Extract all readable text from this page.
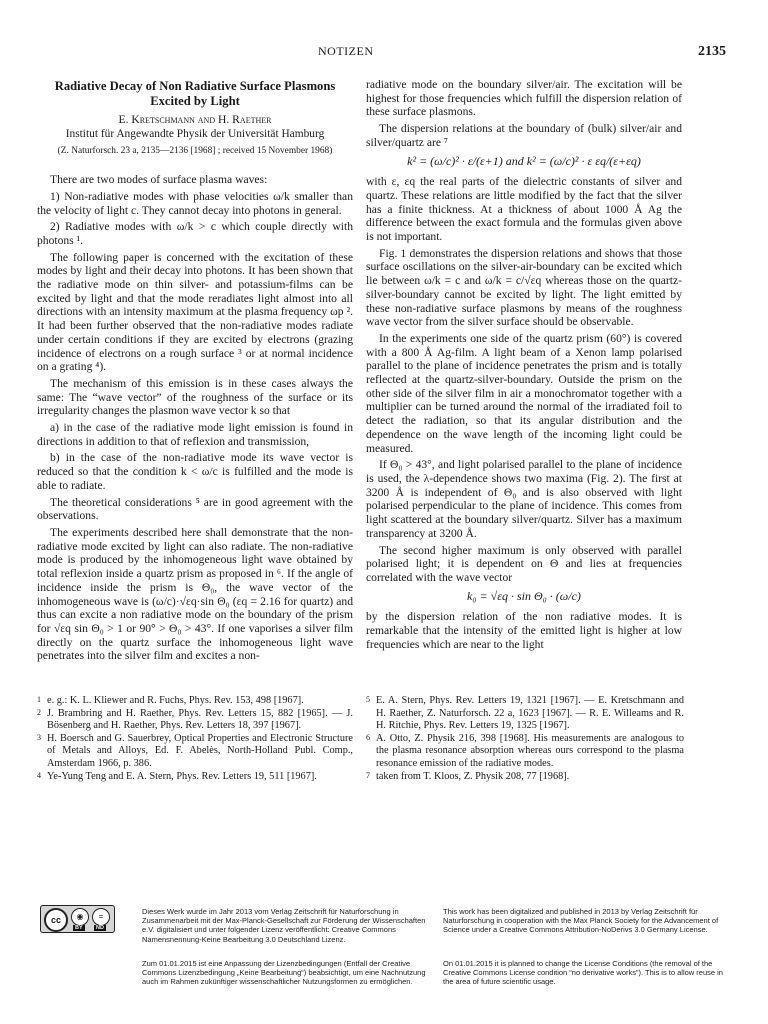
NOTIZEN	2135
Radiative Decay of Non Radiative Surface Plasmons Excited by Light
E. Kretschmann and H. Raether
Institut für Angewandte Physik der Universität Hamburg
(Z. Naturforsch. 23 a, 2135—2136 [1968] ; received 15 November 1968)

There are two modes of surface plasma waves:

1) Non-radiative modes with phase velocities ω/k smaller than the velocity of light c. They cannot decay into photons in general.

2) Radiative modes with ω/k > c which couple directly with photons ¹.

The following paper is concerned with the excitation of these modes by light and their decay into photons. It has been shown that the radiative mode on thin silver- and potassium-films can be excited by light and that the mode reradiates light almost into all directions with an intensity maximum at the plasma frequency ωp ². It had been further observed that the non-radiative modes radiate under certain conditions if they are excited by electrons (grazing incidence of electrons on a rough surface ³ or at normal incidence on a grating ⁴).

The mechanism of this emission is in these cases always the same: The “wave vector” of the roughness of the surface or its irregularity changes the plasmon wave vector k so that

a) in the case of the radiative mode light emission is found in directions in addition to that of reflexion and transmission,

b) in the case of the non-radiative mode its wave vector is reduced so that the condition k < ω/c is fulfilled and the mode is able to radiate.

The theoretical considerations ⁵ are in good agreement with the observations.

The experiments described here shall demonstrate that the non-radiative mode excited by light can also radiate. The non-radiative mode is produced by the inhomogeneous light wave obtained by total reflexion inside a quartz prism as proposed in ⁶. If the angle of incidence inside the prism is Θ₀, the wave vector of the inhomogeneous wave is (ω/c)·√εq·sin Θ₀ (εq = 2.16 for quartz) and thus can excite a non radiative mode on the boundary of the prism for √εq sin Θ₀ > 1 or 90° > Θ₀ > 43°. If one vaporises a silver film directly on the quartz surface the inhomogeneous light wave penetrates into the silver film and excites a non-

radiative mode on the boundary silver/air. The excitation will be highest for those frequencies which fulfill the dispersion relation of these surface plasmons.

The dispersion relations at the boundary of (bulk) silver/air and silver/quartz are ⁷

k² = (ω/c)² · ε/(ε+1) and k² = (ω/c)² · ε εq/(ε+εq)

with ε, εq the real parts of the dielectric constants of silver and quartz. These relations are little modified by the fact that the silver has a finite thickness. At a thickness of about 1000 Å Ag the difference between the exact formula and the formulas given above is not important.

Fig. 1 demonstrates the dispersion relations and shows that those surface oscillations on the silver-air-boundary can be excited which lie between ω/k = c and ω/k = c/√εq whereas those on the quartz-silver-boundary cannot be excited by light. The light emitted by these non-radiative surface plasmons by means of the roughness wave vector from the silver surface should be observable.

In the experiments one side of the quartz prism (60°) is covered with a 800 Å Ag-film. A light beam of a Xenon lamp polarised parallel to the plane of incidence penetrates the prism and is totally reflected at the quartz-silver-boundary. Outside the prism on the other side of the silver film in air a monochromator together with a multiplier can be turned around the normal of the irradiated foil to detect the radiation, so that its angular distribution and the dependence on the wave length of the incoming light could be measured.

If Θ₀ > 43°, and light polarised parallel to the plane of incidence is used, the λ-dependence shows two maxima (Fig. 2). The first at 3200 Å is independent of Θ₀ and is also observed with light polarised perpendicular to the plane of incidence. This comes from light scattered at the boundary silver/quartz. Silver has a maximum transparency at 3200 Å.

The second higher maximum is only observed with parallel polarised light; it is dependent on Θ and lies at frequencies correlated with the wave vector

k₀ = √εq · sin Θ₀ · (ω/c)

by the dispersion relation of the non radiative modes. It is remarkable that the intensity of the emitted light is higher at low frequencies which are near to the light

1 e. g.: K. L. Kliewer and R. Fuchs, Phys. Rev. 153, 498 [1967].
2 J. Brambring and H. Raether, Phys. Rev. Letters 15, 882 [1965]. — J. Bösenberg and H. Raether, Phys. Rev. Letters 18, 397 [1967].
3 H. Boersch and G. Sauerbrey, Optical Properties and Electronic Structure of Metals and Alloys, Ed. F. Abelès, North-Holland Publ. Comp., Amsterdam 1966, p. 386.
4 Ye-Yung Teng and E. A. Stern, Phys. Rev. Letters 19, 511 [1967].
5 E. A. Stern, Phys. Rev. Letters 19, 1321 [1967]. — E. Kretschmann and H. Raether, Z. Naturforsch. 22 a, 1623 [1967]. — R. E. Willeams and R. H. Ritchie, Phys. Rev. Letters 19, 1325 [1967].
6 A. Otto, Z. Physik 216, 398 [1968]. His measurements are analogous to the plasma resonance absorption whereas ours correspond to the plasma resonance emission of the radiative modes.
7 taken from T. Kloos, Z. Physik 208, 77 [1968].
cc	◉	=
BY	ND
Dieses Werk wurde im Jahr 2013 vom Verlag Zeitschrift für Naturforschung in Zusammenarbeit mit der Max-Planck-Gesellschaft zur Förderung der Wissenschaften e.V. digitalisiert und unter folgender Lizenz veröffentlicht: Creative Commons Namensnennung-Keine Bearbeitung 3.0 Deutschland Lizenz.
This work has been digitalized and published in 2013 by Verlag Zeitschrift für Naturforschung in cooperation with the Max Planck Society for the Advancement of Science under a Creative Commons Attribution-NoDerivs 3.0 Germany License.
Zum 01.01.2015 ist eine Anpassung der Lizenzbedingungen (Entfall der Creative Commons Lizenzbedingung „Keine Bearbeitung“) beabsichtigt, um eine Nachnutzung auch im Rahmen zukünftiger wissenschaftlicher Nutzungsformen zu ermöglichen.
On 01.01.2015 it is planned to change the License Conditions (the removal of the Creative Commons License condition “no derivative works”). This is to allow reuse in the area of future scientific usage.
